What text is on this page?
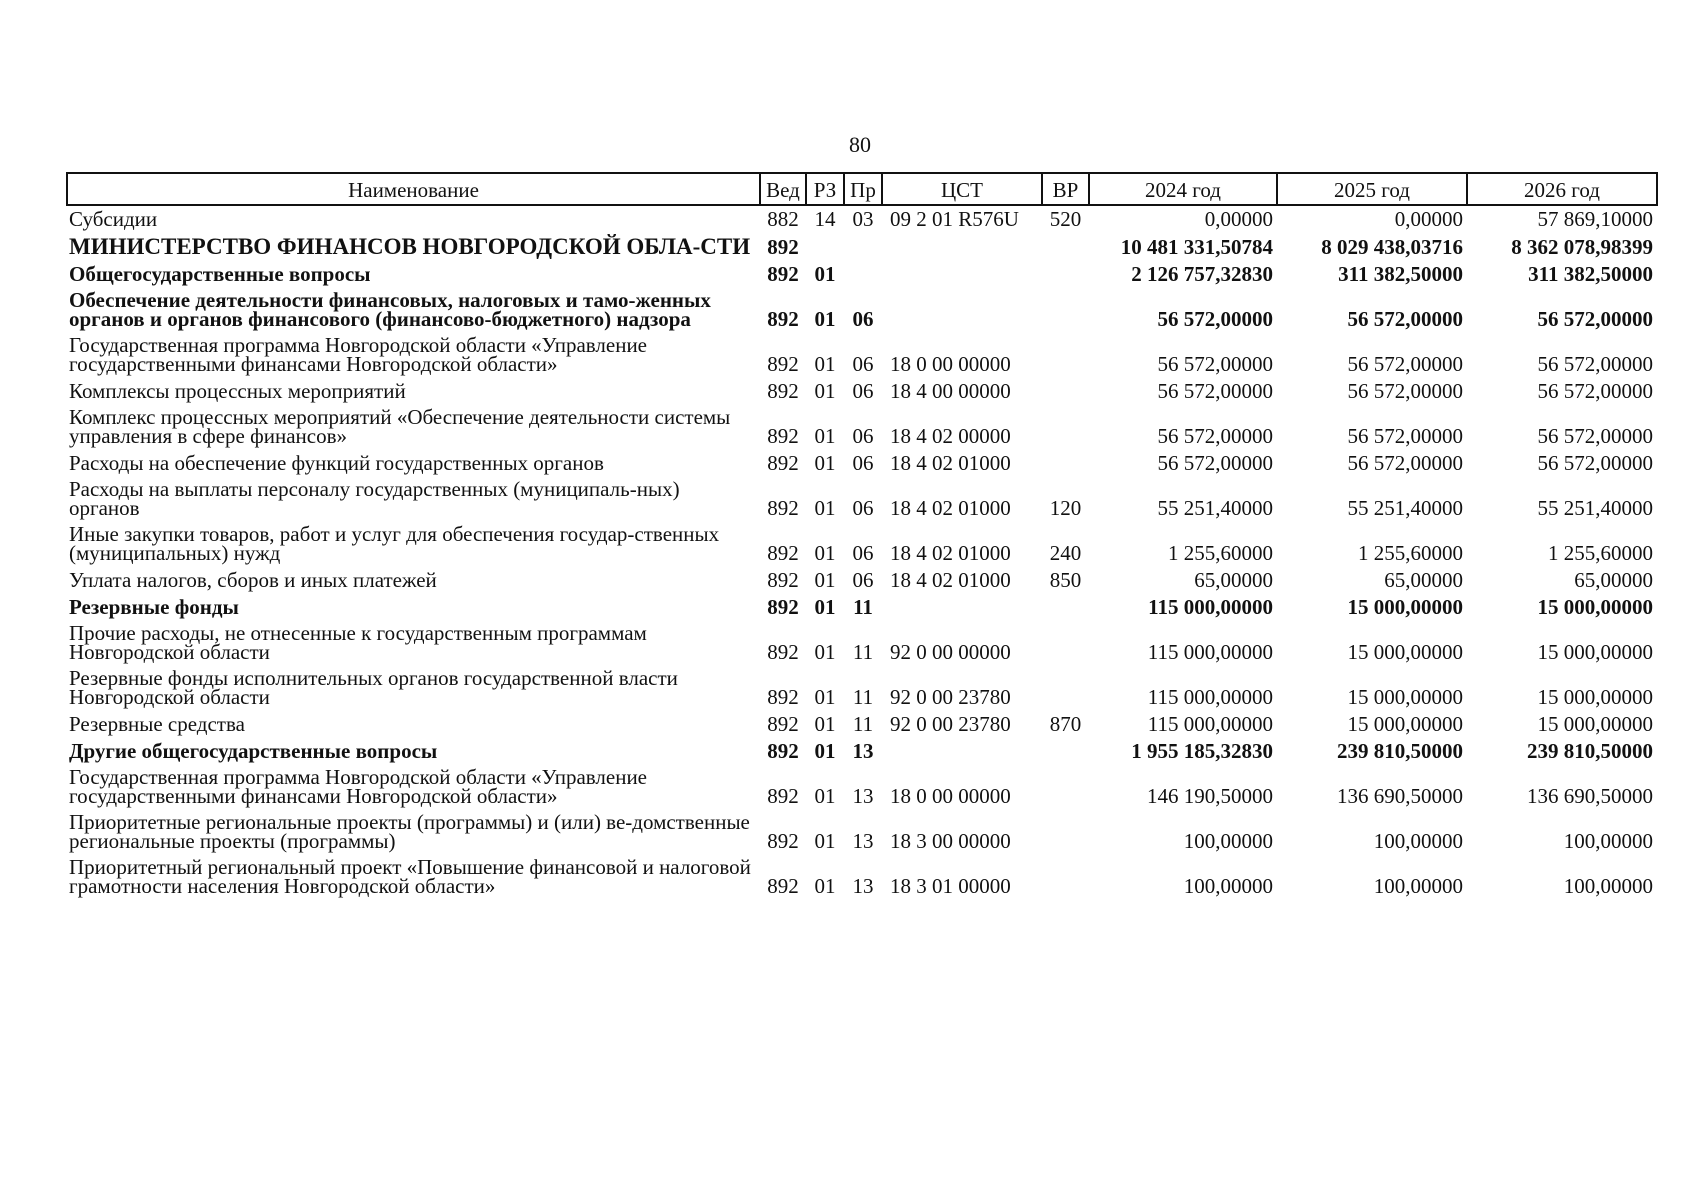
80
Наименование	Вед	РЗ	Пр	ЦСТ	ВР	2024 год	2025 год	2026 год
Субсидии	882	14	03	09 2 01 R576U	520	0,00000	0,00000	57 869,10000
МИНИСТЕРСТВО ФИНАНСОВ НОВГОРОДСКОЙ ОБЛА-СТИ	892					10 481 331,50784	8 029 438,03716	8 362 078,98399
Общегосударственные вопросы	892	01				2 126 757,32830	311 382,50000	311 382,50000
Обеспечение деятельности финансовых, налоговых и тамо-женных органов и органов финансового (финансово-бюджетного) надзора	892	01	06			56 572,00000	56 572,00000	56 572,00000
Государственная программа Новгородской области «Управление государственными финансами Новгородской области»	892	01	06	18 0 00 00000		56 572,00000	56 572,00000	56 572,00000
Комплексы процессных мероприятий	892	01	06	18 4 00 00000		56 572,00000	56 572,00000	56 572,00000
Комплекс процессных мероприятий «Обеспечение деятельности системы управления в сфере финансов»	892	01	06	18 4 02 00000		56 572,00000	56 572,00000	56 572,00000
Расходы на обеспечение функций государственных органов	892	01	06	18 4 02 01000		56 572,00000	56 572,00000	56 572,00000
Расходы на выплаты персоналу государственных (муниципаль-ных) органов	892	01	06	18 4 02 01000	120	55 251,40000	55 251,40000	55 251,40000
Иные закупки товаров, работ и услуг для обеспечения государ-ственных (муниципальных) нужд	892	01	06	18 4 02 01000	240	1 255,60000	1 255,60000	1 255,60000
Уплата налогов, сборов и иных платежей	892	01	06	18 4 02 01000	850	65,00000	65,00000	65,00000
Резервные фонды	892	01	11			115 000,00000	15 000,00000	15 000,00000
Прочие расходы, не отнесенные к государственным программам Новгородской области	892	01	11	92 0 00 00000		115 000,00000	15 000,00000	15 000,00000
Резервные фонды исполнительных органов государственной власти Новгородской области	892	01	11	92 0 00 23780		115 000,00000	15 000,00000	15 000,00000
Резервные средства	892	01	11	92 0 00 23780	870	115 000,00000	15 000,00000	15 000,00000
Другие общегосударственные вопросы	892	01	13			1 955 185,32830	239 810,50000	239 810,50000
Государственная программа Новгородской области «Управление государственными финансами Новгородской области»	892	01	13	18 0 00 00000		146 190,50000	136 690,50000	136 690,50000
Приоритетные региональные проекты (программы) и (или) ве-домственные региональные проекты (программы)	892	01	13	18 3 00 00000		100,00000	100,00000	100,00000
Приоритетный региональный проект «Повышение финансовой и налоговой грамотности населения Новгородской области»	892	01	13	18 3 01 00000		100,00000	100,00000	100,00000
